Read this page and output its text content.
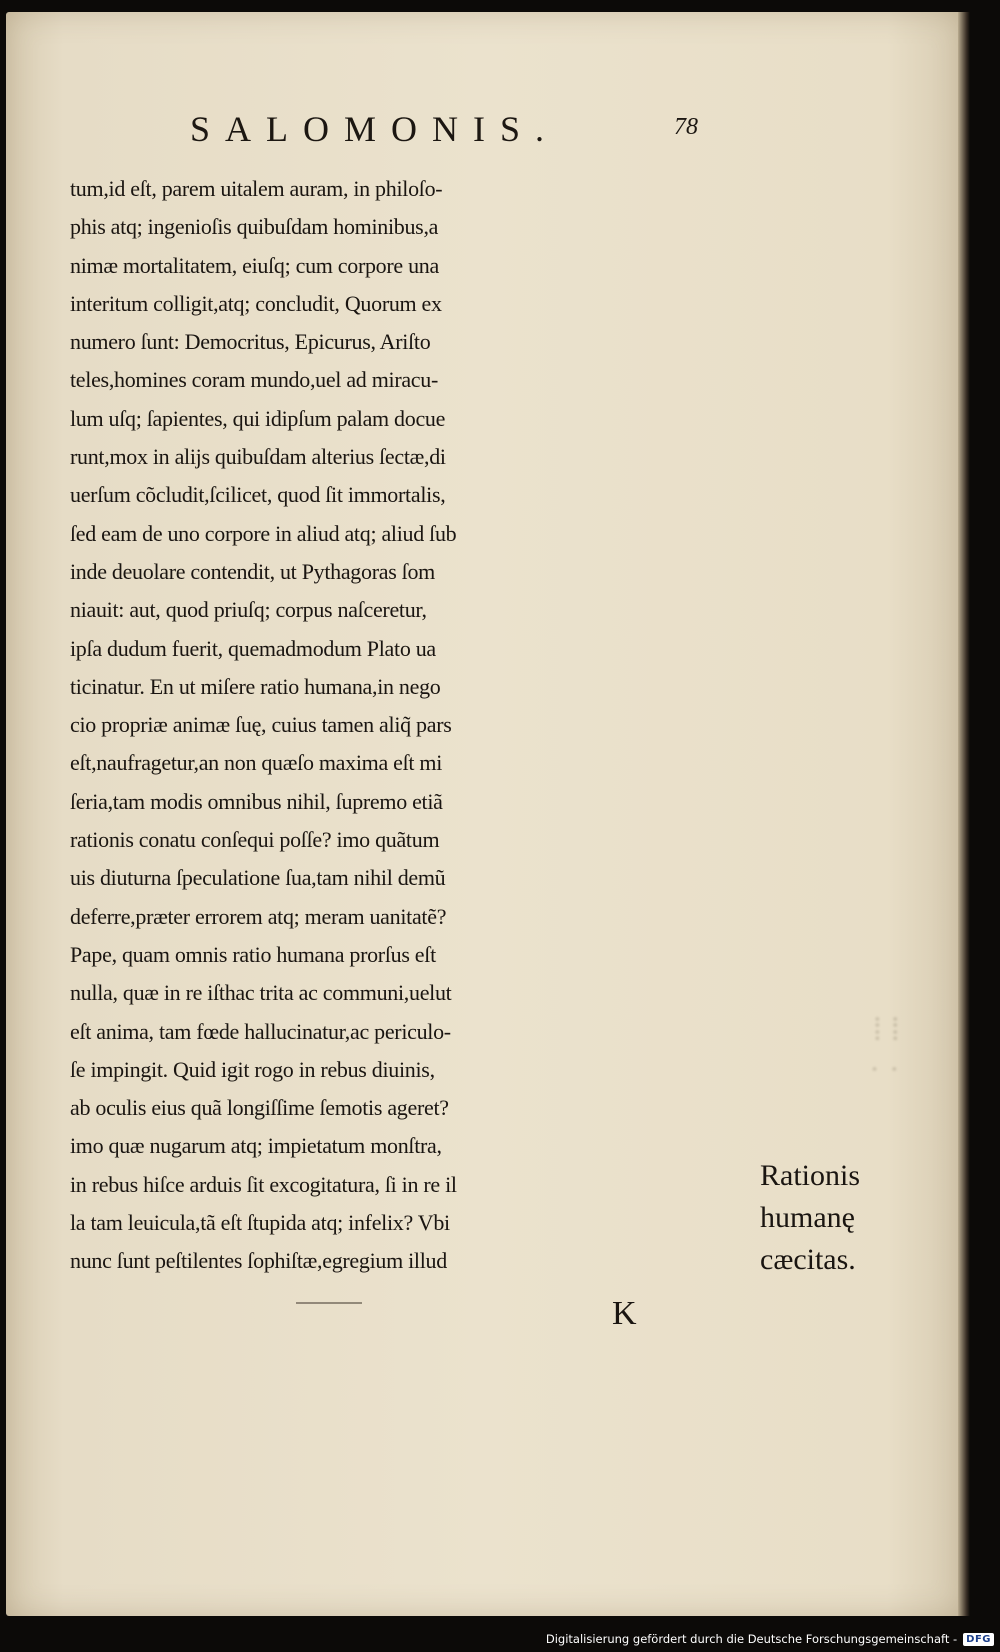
⁞ ⁞
· ·
SALOMONIS.	78
tum,id eſt, parem uitalem auram, in philoſo-
phis atq; ingenioſis quibuſdam hominibus,a
nimæ mortalitatem, eiuſq; cum corpore una
interitum colligit,atq; concludit, Quorum ex
numero ſunt: Democritus, Epicurus, Ariſto
teles,homines coram mundo,uel ad miracu-
lum uſq; ſapientes, qui idipſum palam docue
runt,mox in alijs quibuſdam alterius ſectæ,di
uerſum cõcludit,ſcilicet, quod ſit immortalis,
ſed eam de uno corpore in aliud atq; aliud ſub
inde deuolare contendit, ut Pythagoras ſom
niauit: aut, quod priuſq; corpus naſceretur,
ipſa dudum fuerit, quemadmodum Plato ua
ticinatur. En ut miſere ratio humana,in nego
cio propriæ animæ ſuę, cuius tamen aliq̃ pars
eſt,naufragetur,an non quæſo maxima eſt mi
ſeria,tam modis omnibus nihil, ſupremo etiã
rationis conatu conſequi poſſe? imo quãtum
uis diuturna ſpeculatione ſua,tam nihil demũ
deferre,præter errorem atq; meram uanitatẽ?
Pape, quam omnis ratio humana prorſus eſt
nulla, quæ in re iſthac trita ac communi,uelut
eſt anima, tam fœde hallucinatur,ac periculo-
ſe impingit. Quid igit rogo in rebus diuinis,
ab oculis eius quã longiſſime ſemotis ageret?
imo quæ nugarum atq; impietatum monſtra,
in rebus hiſce arduis ſit excogitatura, ſi in re il
la tam leuicula,tã eſt ſtupida atq; infelix? Vbi
nunc ſunt peſtilentes ſophiſtæ,egregium illud
Rationis
humanę
cæcitas.
K
Digitalisierung gefördert durch die Deutsche Forschungsgemeinschaft - DFG
